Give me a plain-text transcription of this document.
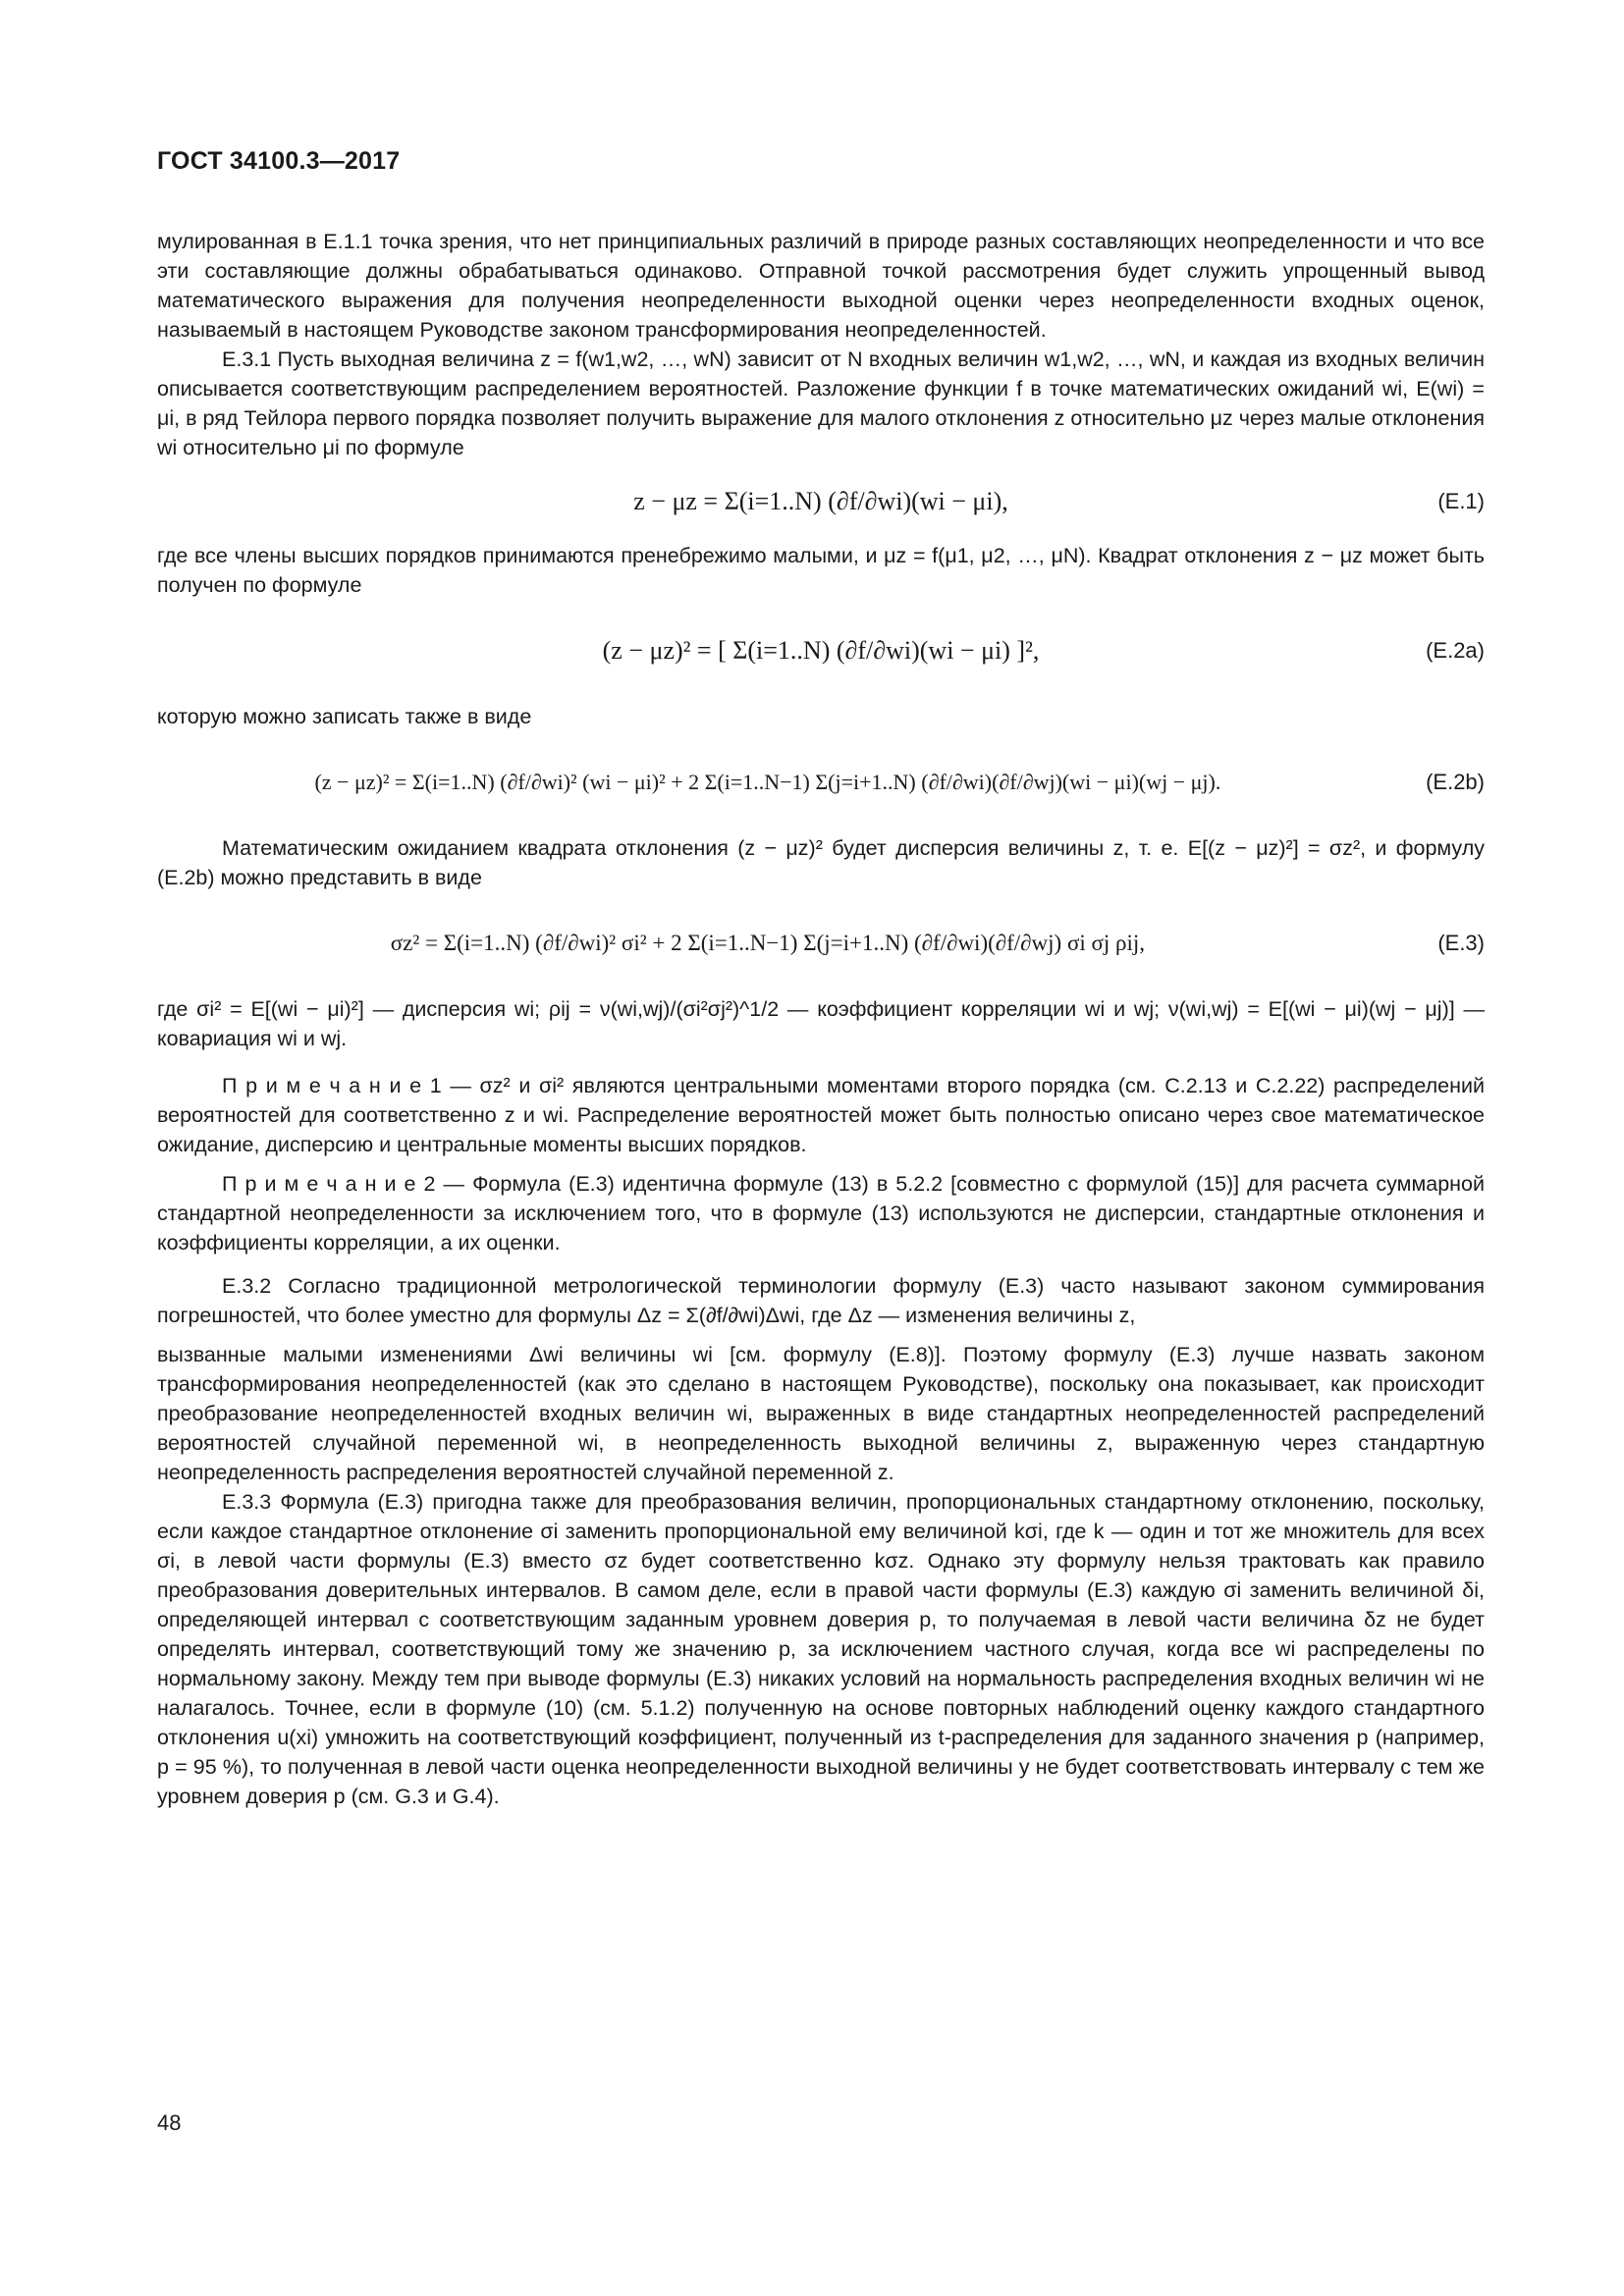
ГОСТ 34100.3—2017

мулированная в E.1.1 точка зрения, что нет принципиальных различий в природе разных составляющих неопределенности и что все эти составляющие должны обрабатываться одинаково. Отправной точкой рассмотрения будет служить упрощенный вывод математического выражения для получения неопределенности выходной оценки через неопределенности входных оценок, называемый в настоящем Руководстве законом трансформирования неопределенностей.

E.3.1 Пусть выходная величина z = f(w1,w2, …, wN) зависит от N входных величин w1,w2, …, wN, и каждая из входных величин описывается соответствующим распределением вероятностей. Разложение функции f в точке математических ожиданий wi, E(wi) = μi, в ряд Тейлора первого порядка позволяет получить выражение для малого отклонения z относительно μz через малые отклонения wi относительно μi по формуле

z − μz = Σ(i=1..N) (∂f/∂wi)(wi − μi),	(E.1)

где все члены высших порядков принимаются пренебрежимо малыми, и μz = f(μ1, μ2, …, μN). Квадрат отклонения z − μz может быть получен по формуле

(z − μz)² = [ Σ(i=1..N) (∂f/∂wi)(wi − μi) ]²,	(E.2a)

которую можно записать также в виде

(z − μz)² = Σ(i=1..N) (∂f/∂wi)² (wi − μi)² + 2 Σ(i=1..N−1) Σ(j=i+1..N) (∂f/∂wi)(∂f/∂wj)(wi − μi)(wj − μj).	(E.2b)

Математическим ожиданием квадрата отклонения (z − μz)² будет дисперсия величины z, т. е. E[(z − μz)²] = σz², и формулу (E.2b) можно представить в виде

σz² = Σ(i=1..N) (∂f/∂wi)² σi² + 2 Σ(i=1..N−1) Σ(j=i+1..N) (∂f/∂wi)(∂f/∂wj) σi σj ρij,	(E.3)

где σi² = E[(wi − μi)²] — дисперсия wi; ρij = ν(wi,wj)/(σi²σj²)^1/2 — коэффициент корреляции wi и wj; ν(wi,wj) = E[(wi − μi)(wj − μj)] — ковариация wi и wj.

П р и м е ч а н и е 1 — σz² и σi² являются центральными моментами второго порядка (см. C.2.13 и C.2.22) распределений вероятностей для соответственно z и wi. Распределение вероятностей может быть полностью описано через свое математическое ожидание, дисперсию и центральные моменты высших порядков.

П р и м е ч а н и е 2 — Формула (E.3) идентична формуле (13) в 5.2.2 [совместно с формулой (15)] для расчета суммарной стандартной неопределенности за исключением того, что в формуле (13) используются не дисперсии, стандартные отклонения и коэффициенты корреляции, а их оценки.

E.3.2 Согласно традиционной метрологической терминологии формулу (E.3) часто называют законом суммирования погрешностей, что более уместно для формулы Δz = Σ(∂f/∂wi)Δwi, где Δz — изменения величины z,

вызванные малыми изменениями Δwi величины wi [см. формулу (E.8)]. Поэтому формулу (E.3) лучше назвать законом трансформирования неопределенностей (как это сделано в настоящем Руководстве), поскольку она показывает, как происходит преобразование неопределенностей входных величин wi, выраженных в виде стандартных неопределенностей распределений вероятностей случайной переменной wi, в неопределенность выходной величины z, выраженную через стандартную неопределенность распределения вероятностей случайной переменной z.

E.3.3 Формула (E.3) пригодна также для преобразования величин, пропорциональных стандартному отклонению, поскольку, если каждое стандартное отклонение σi заменить пропорциональной ему величиной kσi, где k — один и тот же множитель для всех σi, в левой части формулы (E.3) вместо σz будет соответственно kσz. Однако эту формулу нельзя трактовать как правило преобразования доверительных интервалов. В самом деле, если в правой части формулы (E.3) каждую σi заменить величиной δi, определяющей интервал с соответствующим заданным уровнем доверия p, то получаемая в левой части величина δz не будет определять интервал, соответствующий тому же значению p, за исключением частного случая, когда все wi распределены по нормальному закону. Между тем при выводе формулы (E.3) никаких условий на нормальность распределения входных величин wi не налагалось. Точнее, если в формуле (10) (см. 5.1.2) полученную на основе повторных наблюдений оценку каждого стандартного отклонения u(xi) умножить на соответствующий коэффициент, полученный из t-распределения для заданного значения p (например, p = 95 %), то полученная в левой части оценка неопределенности выходной величины y не будет соответствовать интервалу с тем же уровнем доверия p (см. G.3 и G.4).

48
